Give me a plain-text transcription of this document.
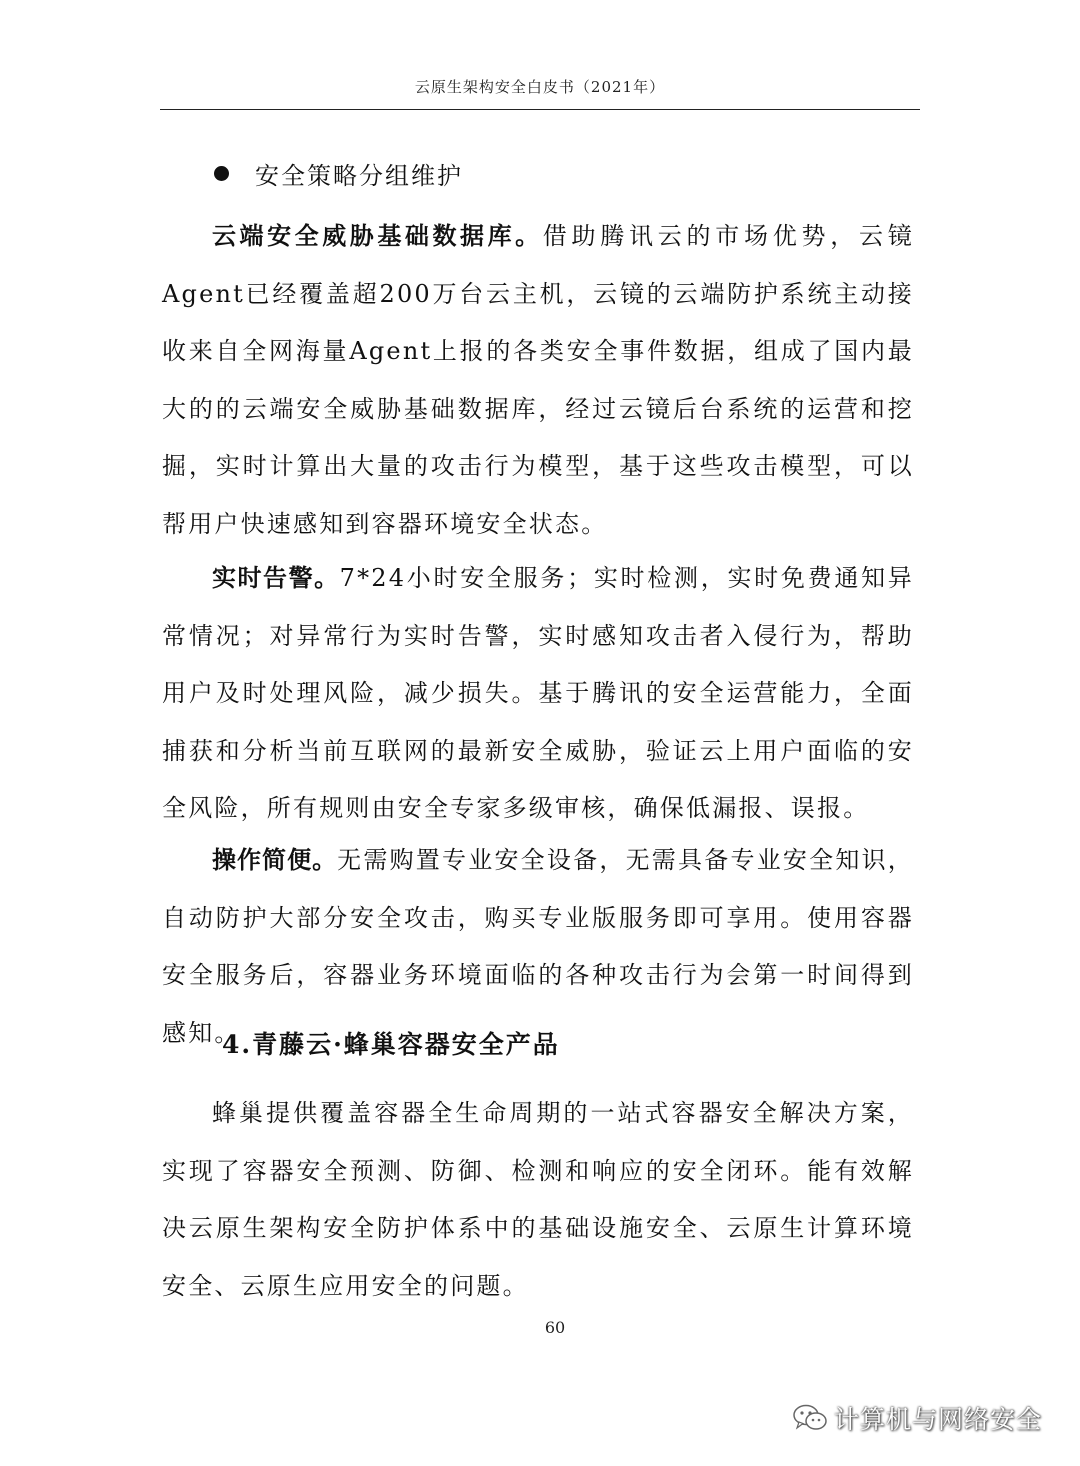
云原生架构安全白皮书（2021年）
安全策略分组维护

云端安全威胁基础数据库。借助腾讯云的市场优势，云镜Agent已经覆盖超200万台云主机，云镜的云端防护系统主动接收来自全网海量Agent上报的各类安全事件数据，组成了国内最大的的云端安全威胁基础数据库，经过云镜后台系统的运营和挖掘，实时计算出大量的攻击行为模型，基于这些攻击模型，可以帮用户快速感知到容器环境安全状态。

实时告警。7*24小时安全服务；实时检测，实时免费通知异常情况；对异常行为实时告警，实时感知攻击者入侵行为，帮助用户及时处理风险，减少损失。基于腾讯的安全运营能力，全面捕获和分析当前互联网的最新安全威胁，验证云上用户面临的安全风险，所有规则由安全专家多级审核，确保低漏报、误报。

操作简便。无需购置专业安全设备，无需具备专业安全知识，自动防护大部分安全攻击，购买专业版服务即可享用。使用容器安全服务后，容器业务环境面临的各种攻击行为会第一时间得到感知。

4.青藤云·蜂巢容器安全产品

蜂巢提供覆盖容器全生命周期的一站式容器安全解决方案，实现了容器安全预测、防御、检测和响应的安全闭环。能有效解决云原生架构安全防护体系中的基础设施安全、云原生计算环境安全、云原生应用安全的问题。

60
计算机与网络安全
